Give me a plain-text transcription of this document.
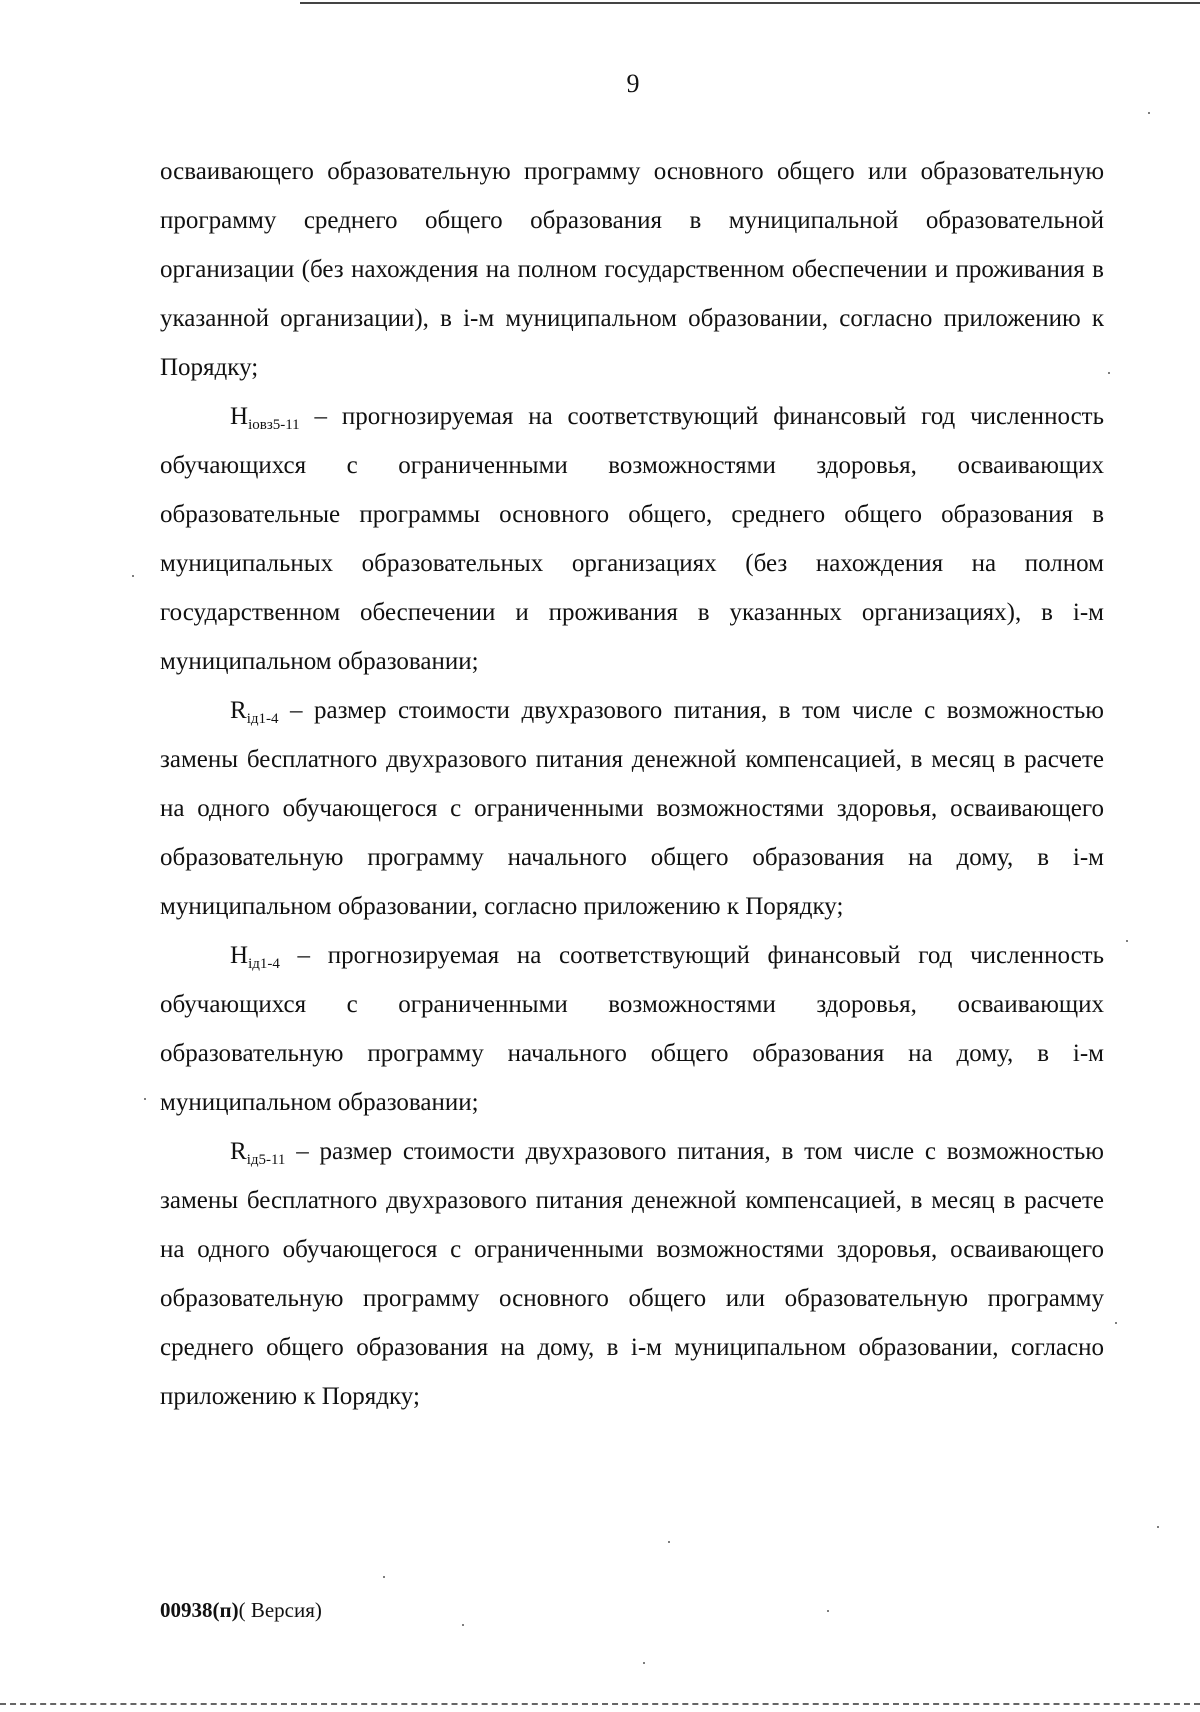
9

осваивающего образовательную программу основного общего или образовательную программу среднего общего образования в муниципальной образовательной организации (без нахождения на полном государственном обеспечении и проживания в указанной организации), в i-м муниципальном образовании, согласно приложению к Порядку;

$H_{iовз5-11}$ – прогнозируемая на соответствующий финансовый год численность обучающихся с ограниченными возможностями здоровья, осваивающих образовательные программы основного общего, среднего общего образования в муниципальных образовательных организациях (без нахождения на полном государственном обеспечении и проживания в указанных организациях), в i-м муниципальном образовании;

$R_{iд1-4}$ – размер стоимости двухразового питания, в том числе с возможностью замены бесплатного двухразового питания денежной компенсацией, в месяц в расчете на одного обучающегося с ограниченными возможностями здоровья, осваивающего образовательную программу начального общего образования на дому, в i-м муниципальном образовании, согласно приложению к Порядку;

$H_{iд1-4}$ – прогнозируемая на соответствующий финансовый год численность обучающихся с ограниченными возможностями здоровья, осваивающих образовательную программу начального общего образования на дому, в i-м муниципальном образовании;

$R_{iд5-11}$ – размер стоимости двухразового питания, в том числе с возможностью замены бесплатного двухразового питания денежной компенсацией, в месяц в расчете на одного обучающегося с ограниченными возможностями здоровья, осваивающего образовательную программу основного общего или образовательную программу среднего общего образования на дому, в i-м муниципальном образовании, согласно приложению к Порядку;

00938(п)( Версия)
